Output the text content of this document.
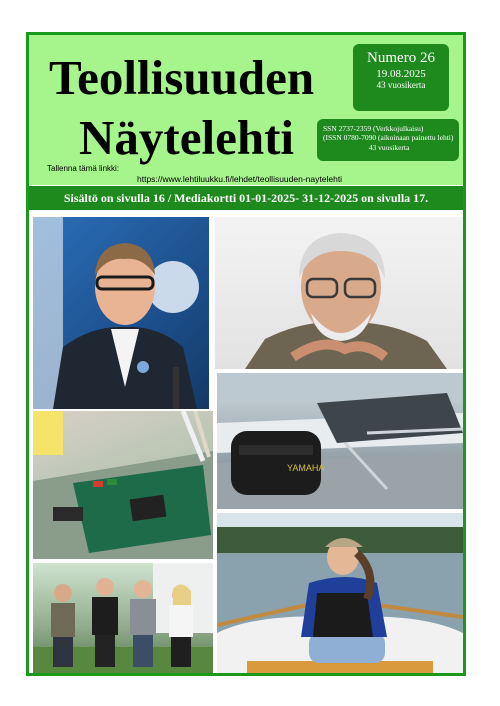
Teollisuuden
Näytelehti
Numero 26
19.08.2025
43 vuosikerta
SSN 2737-2359 (Verkkojulkaisu)
(ISSN 0780-7090 (aikoinaan painettu lehti)

43 vuosikerta
Tallenna tämä linkki:
https://www.lehtiluukku.fi/lehdet/teollisuuden-naytelehti
Sisältö on sivulla 16 / Mediakortti 01-01-2025- 31-12-2025 on sivulla 17.
YAMAHA
